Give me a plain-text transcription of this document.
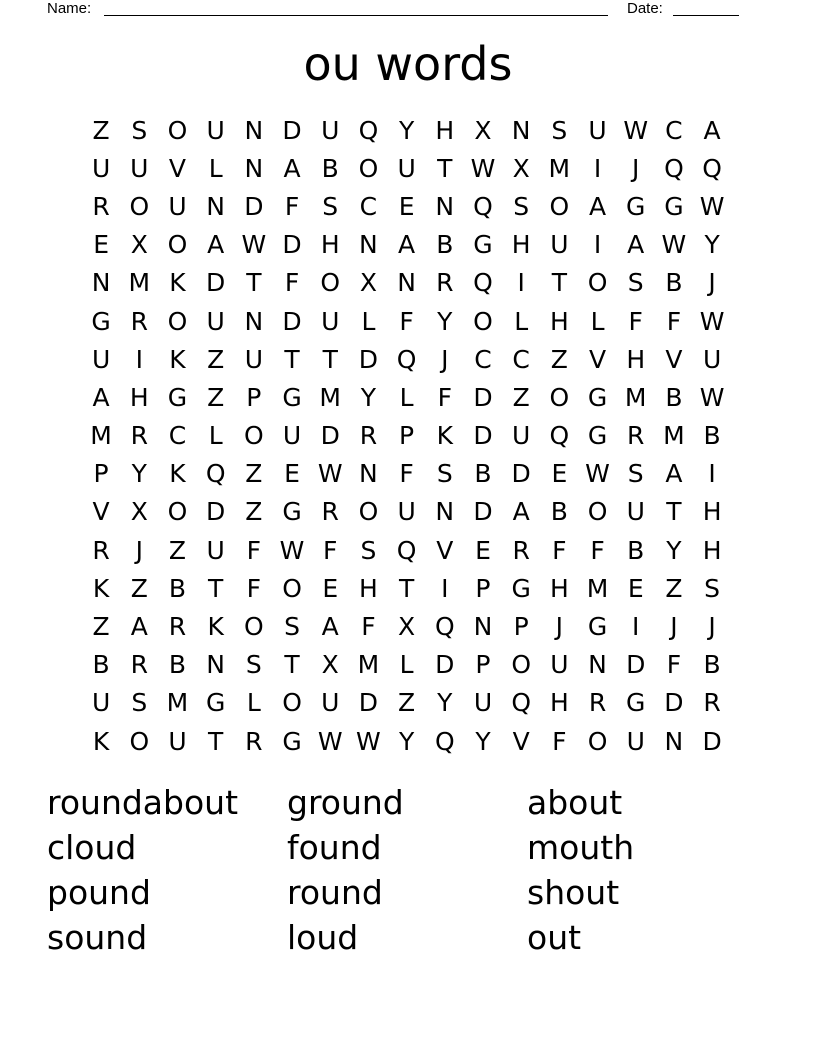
Name:	Date:
ou words
Z S O U N D U Q Y H X N S U W C A
U U V L N A B O U T W X M I	J Q Q
R O U N D F S C E N Q S O A G G W
E X O A W D H N A B G H U	I	A W Y
N M K D T F O X N R Q I	T O S B	J
G R O U N D U L F Y O L H L F F W
U	I	K Z U T T D Q J	C C Z V H V U
A H G Z P G M Y L F D Z O G M B W
M R C L O U D R P K D U Q G R M B
P Y K Q Z E W N F S B D E W S A	I
V X O D Z G R O U N D A B O U T H
R	J	Z U F W F S Q V E R F F B Y H
K Z B T F O E H T	I	P G H M E Z S
Z A R K O S A F X Q N P	J G I	J	J
B R B N S T X M L D P O U N D F B
U S M G L O U D Z Y U Q H R G D R
K O U T R G W W Y Q Y V F O U N D
roundabout	ground	about
cloud	found	mouth
pound	round	shout
sound	loud	out
